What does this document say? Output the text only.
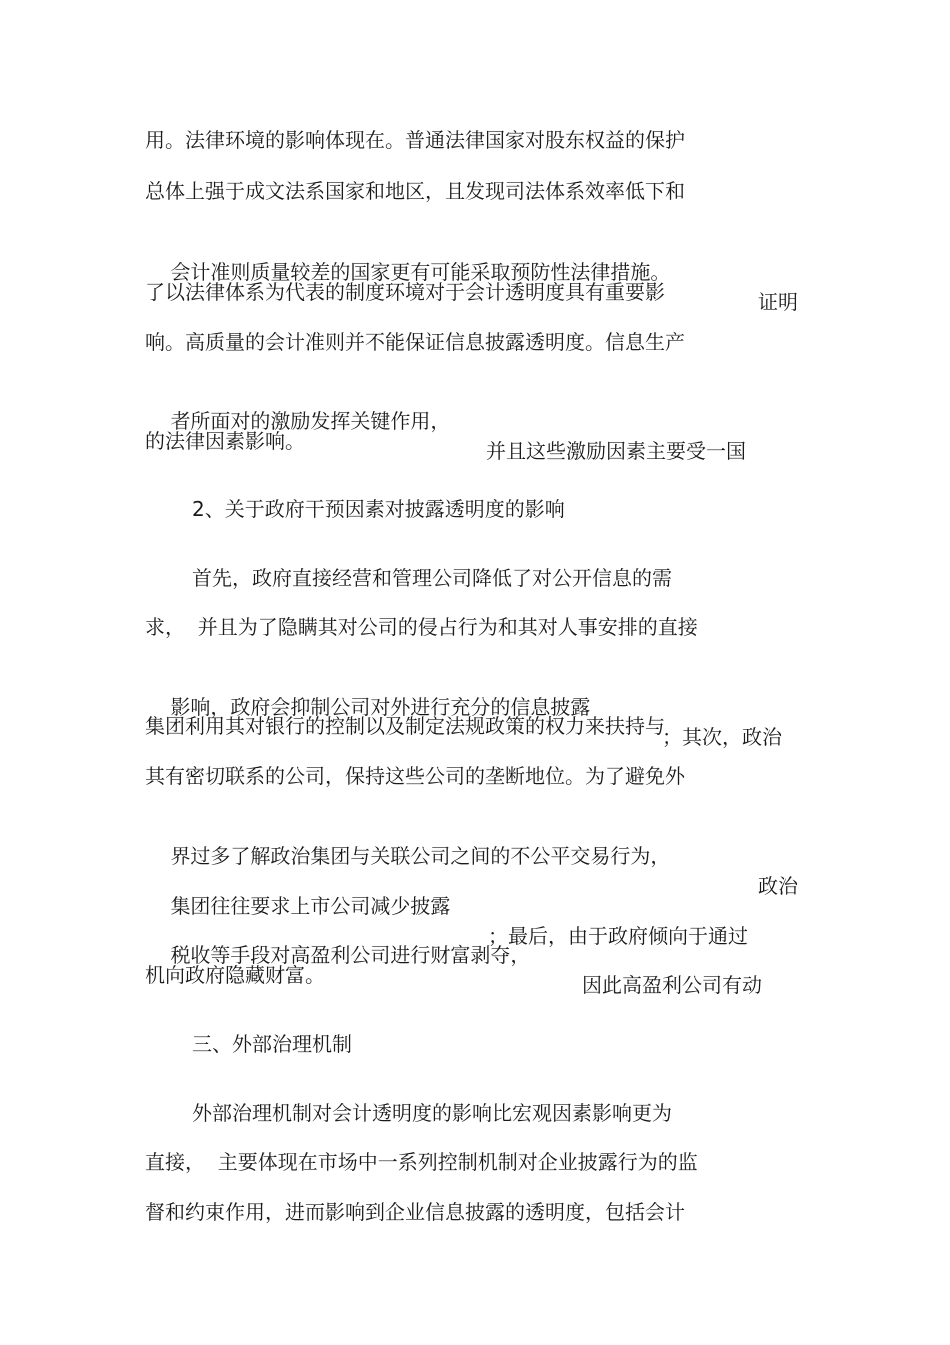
用。法律环境的影响体现在。普通法律国家对股东权益的保护

总体上强于成文法系国家和地区，且发现司法体系效率低下和

会计准则质量较差的国家更有可能采取预防性法律措施。

证明

了以法律体系为代表的制度环境对于会计透明度具有重要影

响。高质量的会计准则并不能保证信息披露透明度。信息生产

者所面对的激励发挥关键作用，

并且这些激励因素主要受一国

的法律因素影响。

2、关于政府干预因素对披露透明度的影响

首先，政府直接经营和管理公司降低了对公开信息的需

求，  并且为了隐瞒其对公司的侵占行为和其对人事安排的直接

影响，政府会抑制公司对外进行充分的信息披露

；其次，政治

集团利用其对银行的控制以及制定法规政策的权力来扶持与

其有密切联系的公司，保持这些公司的垄断地位。为了避免外

界过多了解政治集团与关联公司之间的不公平交易行为，

政治

集团往往要求上市公司减少披露

；最后，由于政府倾向于通过

税收等手段对高盈利公司进行财富剥夺，

因此高盈利公司有动

机向政府隐藏财富。

三、外部治理机制

外部治理机制对会计透明度的影响比宏观因素影响更为

直接，  主要体现在市场中一系列控制机制对企业披露行为的监

督和约束作用，进而影响到企业信息披露的透明度，包括会计
